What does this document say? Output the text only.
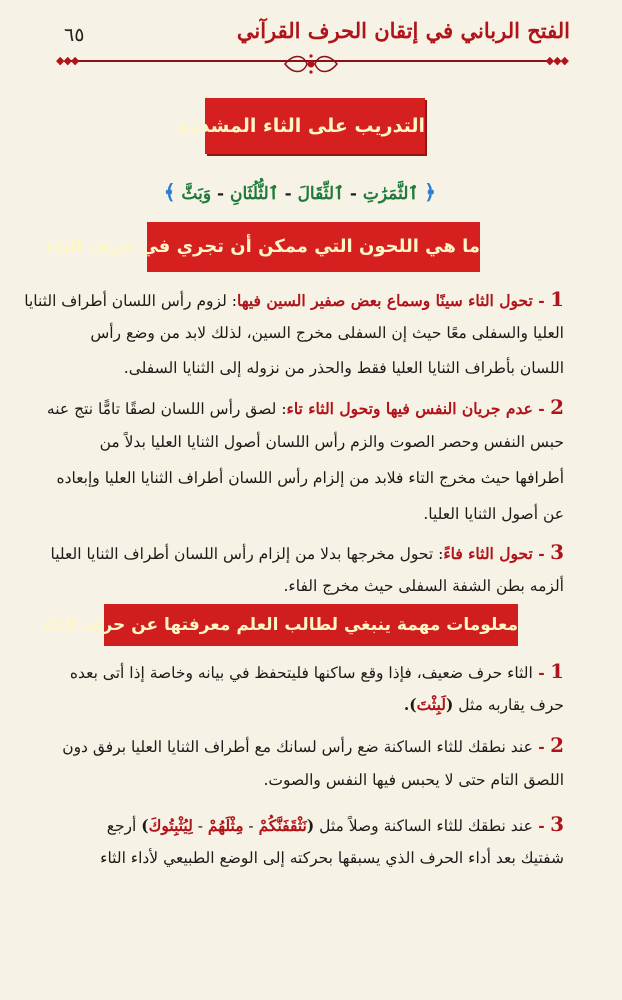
الفتح الرباني في إتقان الحرف القرآني
٦٥
◆◆◆	◆◆◆
التدريب على الثاء المشددة
﴿ ٱلثَّمَرَٰتِ - ٱلثِّقَالَ - ٱلثُّلُثَانِ - وَبَثَّ ﴾
ما هي اللحون التي ممكن أن تجري في حرف الثاء
1 - تحول الثاء سينًا وسماع بعض صفير السين فيها: لزوم رأس اللسان أطراف الثنايا
العليا والسفلى معًا حيث إن السفلى مخرج السين، لذلك لابد من وضع رأس
اللسان بأطراف الثنايا العليا فقط والحذر من نزوله إلى الثنايا السفلى.
2 - عدم جريان النفس فيها وتحول الثاء تاء: لصق رأس اللسان لصقًا تامًّا نتج عنه
حبس النفس وحصر الصوت والزم رأس اللسان أصول الثنايا العليا بدلاً من
أطرافها حيث مخرج التاء فلابد من إلزام رأس اللسان أطراف الثنايا العليا وإبعاده
عن أصول الثنايا العليا.
3 - تحول الثاء فاءً: تحول مخرجها بدلا من إلزام رأس اللسان أطراف الثنايا العليا
ألزمه بطن الشفة السفلى حيث مخرج الفاء.
معلومات مهمة ينبغي لطالب العلم معرفتها عن حرف الثاء
1 - الثاء حرف ضعيف، فإذا وقع ساكنها فليتحفظ في بيانه وخاصة إذا أتى بعده
حرف يقاربه مثل (لَبِثْتَ).
2 - عند نطقك للثاء الساكنة ضع رأس لسانك مع أطراف الثنايا العليا برفق دون
اللصق التام حتى لا يحبس فيها النفس والصوت.
3 - عند نطقك للثاء الساكنة وصلاً مثل (نَثْقَفَنَّكُمْ - مِثْلَهُمْ - لِيُثْبِتُوكَ) أرجع
شفتيك بعد أداء الحرف الذي يسبقها بحركته إلى الوضع الطبيعي لأداء الثاء
